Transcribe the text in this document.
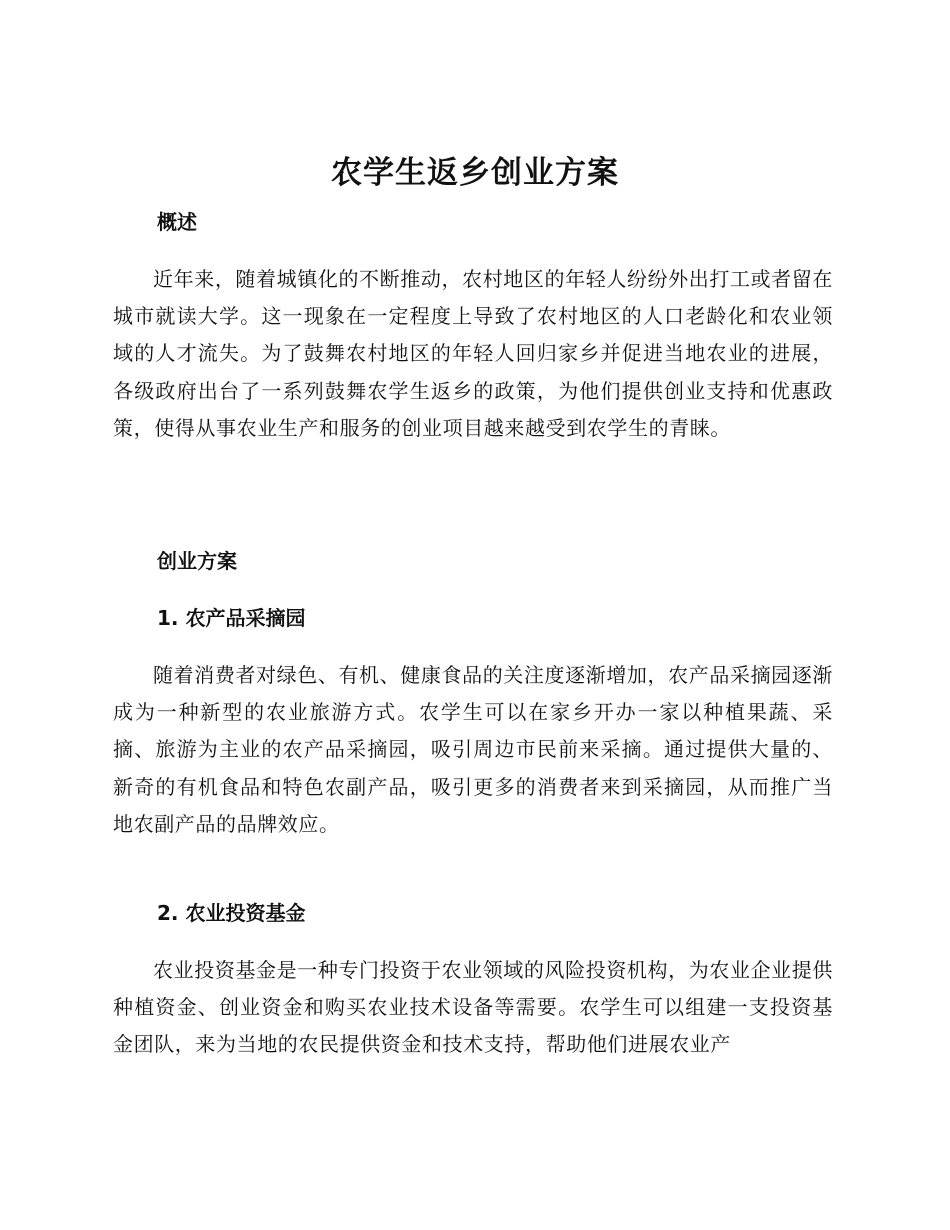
农学生返乡创业方案
概述
近年来，随着城镇化的不断推动，农村地区的年轻人纷纷外出打工或者留在城市就读大学。这一现象在一定程度上导致了农村地区的人口老龄化和农业领域的人才流失。为了鼓舞农村地区的年轻人回归家乡并促进当地农业的进展，各级政府出台了一系列鼓舞农学生返乡的政策，为他们提供创业支持和优惠政策，使得从事农业生产和服务的创业项目越来越受到农学生的青睐。
创业方案
1. 农产品采摘园
随着消费者对绿色、有机、健康食品的关注度逐渐增加，农产品采摘园逐渐成为一种新型的农业旅游方式。农学生可以在家乡开办一家以种植果蔬、采摘、旅游为主业的农产品采摘园，吸引周边市民前来采摘。通过提供大量的、新奇的有机食品和特色农副产品，吸引更多的消费者来到采摘园，从而推广当地农副产品的品牌效应。
2. 农业投资基金
农业投资基金是一种专门投资于农业领域的风险投资机构，为农业企业提供种植资金、创业资金和购买农业技术设备等需要。农学生可以组建一支投资基金团队，来为当地的农民提供资金和技术支持，帮助他们进展农业产
